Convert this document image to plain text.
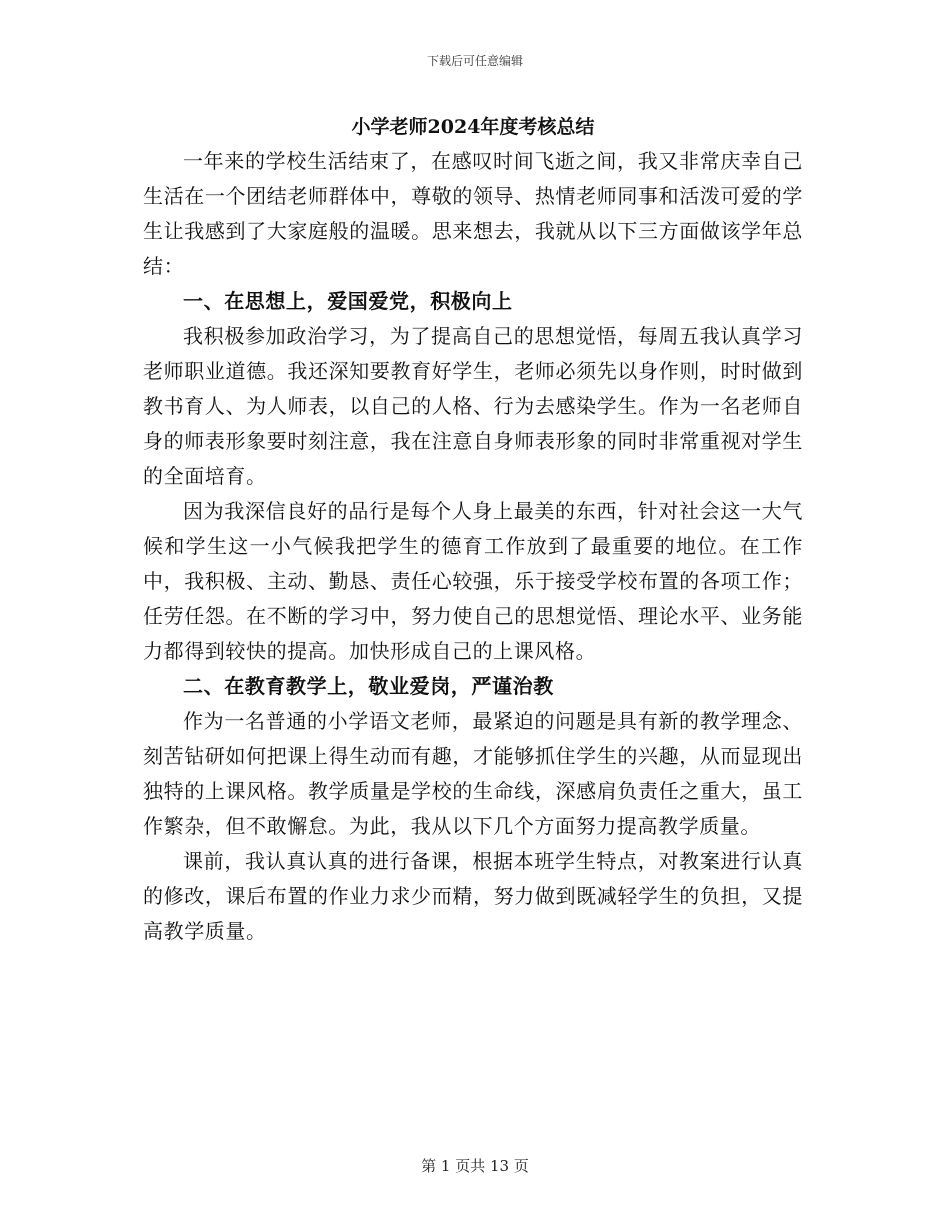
下载后可任意编辑
小学老师2024年度考核总结

一年来的学校生活结束了，在感叹时间飞逝之间，我又非常庆幸自己生活在一个团结老师群体中，尊敬的领导、热情老师同事和活泼可爱的学生让我感到了大家庭般的温暖。思来想去，我就从以下三方面做该学年总结：

一、在思想上，爱国爱党，积极向上

我积极参加政治学习，为了提高自己的思想觉悟，每周五我认真学习老师职业道德。我还深知要教育好学生，老师必须先以身作则，时时做到教书育人、为人师表，以自己的人格、行为去感染学生。作为一名老师自身的师表形象要时刻注意，我在注意自身师表形象的同时非常重视对学生的全面培育。

因为我深信良好的品行是每个人身上最美的东西，针对社会这一大气候和学生这一小气候我把学生的德育工作放到了最重要的地位。在工作中，我积极、主动、勤恳、责任心较强，乐于接受学校布置的各项工作；任劳任怨。在不断的学习中，努力使自己的思想觉悟、理论水平、业务能力都得到较快的提高。加快形成自己的上课风格。

二、在教育教学上，敬业爱岗，严谨治教

作为一名普通的小学语文老师，最紧迫的问题是具有新的教学理念、刻苦钻研如何把课上得生动而有趣，才能够抓住学生的兴趣，从而显现出独特的上课风格。教学质量是学校的生命线，深感肩负责任之重大，虽工作繁杂，但不敢懈怠。为此，我从以下几个方面努力提高教学质量。

课前，我认真认真的进行备课，根据本班学生特点，对教案进行认真的修改，课后布置的作业力求少而精，努力做到既减轻学生的负担，又提高教学质量。

第 1 页共 13 页
